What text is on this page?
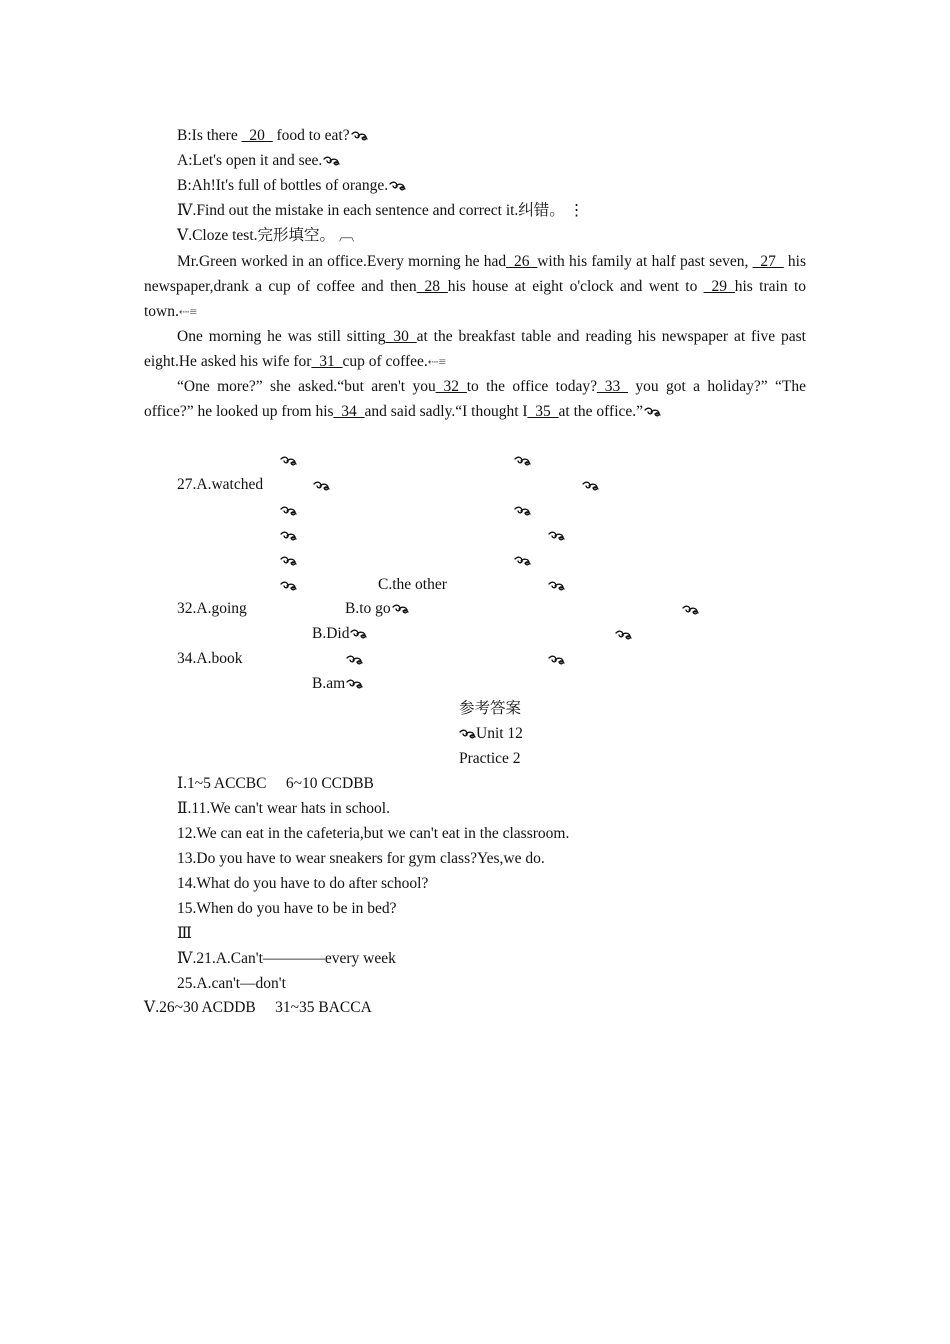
B:Is there _20_ food to eat?
A:Let's open it and see.
B:Ah!It's full of bottles of orange.
Ⅳ.Find out the mistake in each sentence and correct it.纠错。 ⋮
Ⅴ.Cloze test.完形填空。 ︹
Mr.Green worked in an office.Every morning he had_26_with his family at half past seven, _27_ his newspaper,drank a cup of coffee and then_28_his house at eight o'clock and went to _29_his train to town.⇠≡
One morning he was still sitting_30_at the breakfast table and reading his newspaper at five past eight.He asked his wife for_31_cup of coffee.⇠≡
“One more?” she asked.“but aren't you_32_to the office today?_33_ you got a holiday?” “The office?” he looked up from his_34_and said sadly.“I thought I_35_at the office.”
27.A.watched
C.the other
32.A.going	B.to go
B.Did
34.A.book
B.am
参考答案
Unit 12
Practice 2
Ⅰ.1~5 ACCBC　 6~10 CCDBB
Ⅱ.11.We can't wear hats in school.
12.We can eat in the cafeteria,but we can't eat in the classroom.
13.Do you have to wear sneakers for gym class?Yes,we do.
14.What do you have to do after school?
15.When do you have to be in bed?
Ⅲ
Ⅳ.21.A.Can't————every week
25.A.can't—don't
Ⅴ.26~30 ACDDB　 31~35 BACCA
